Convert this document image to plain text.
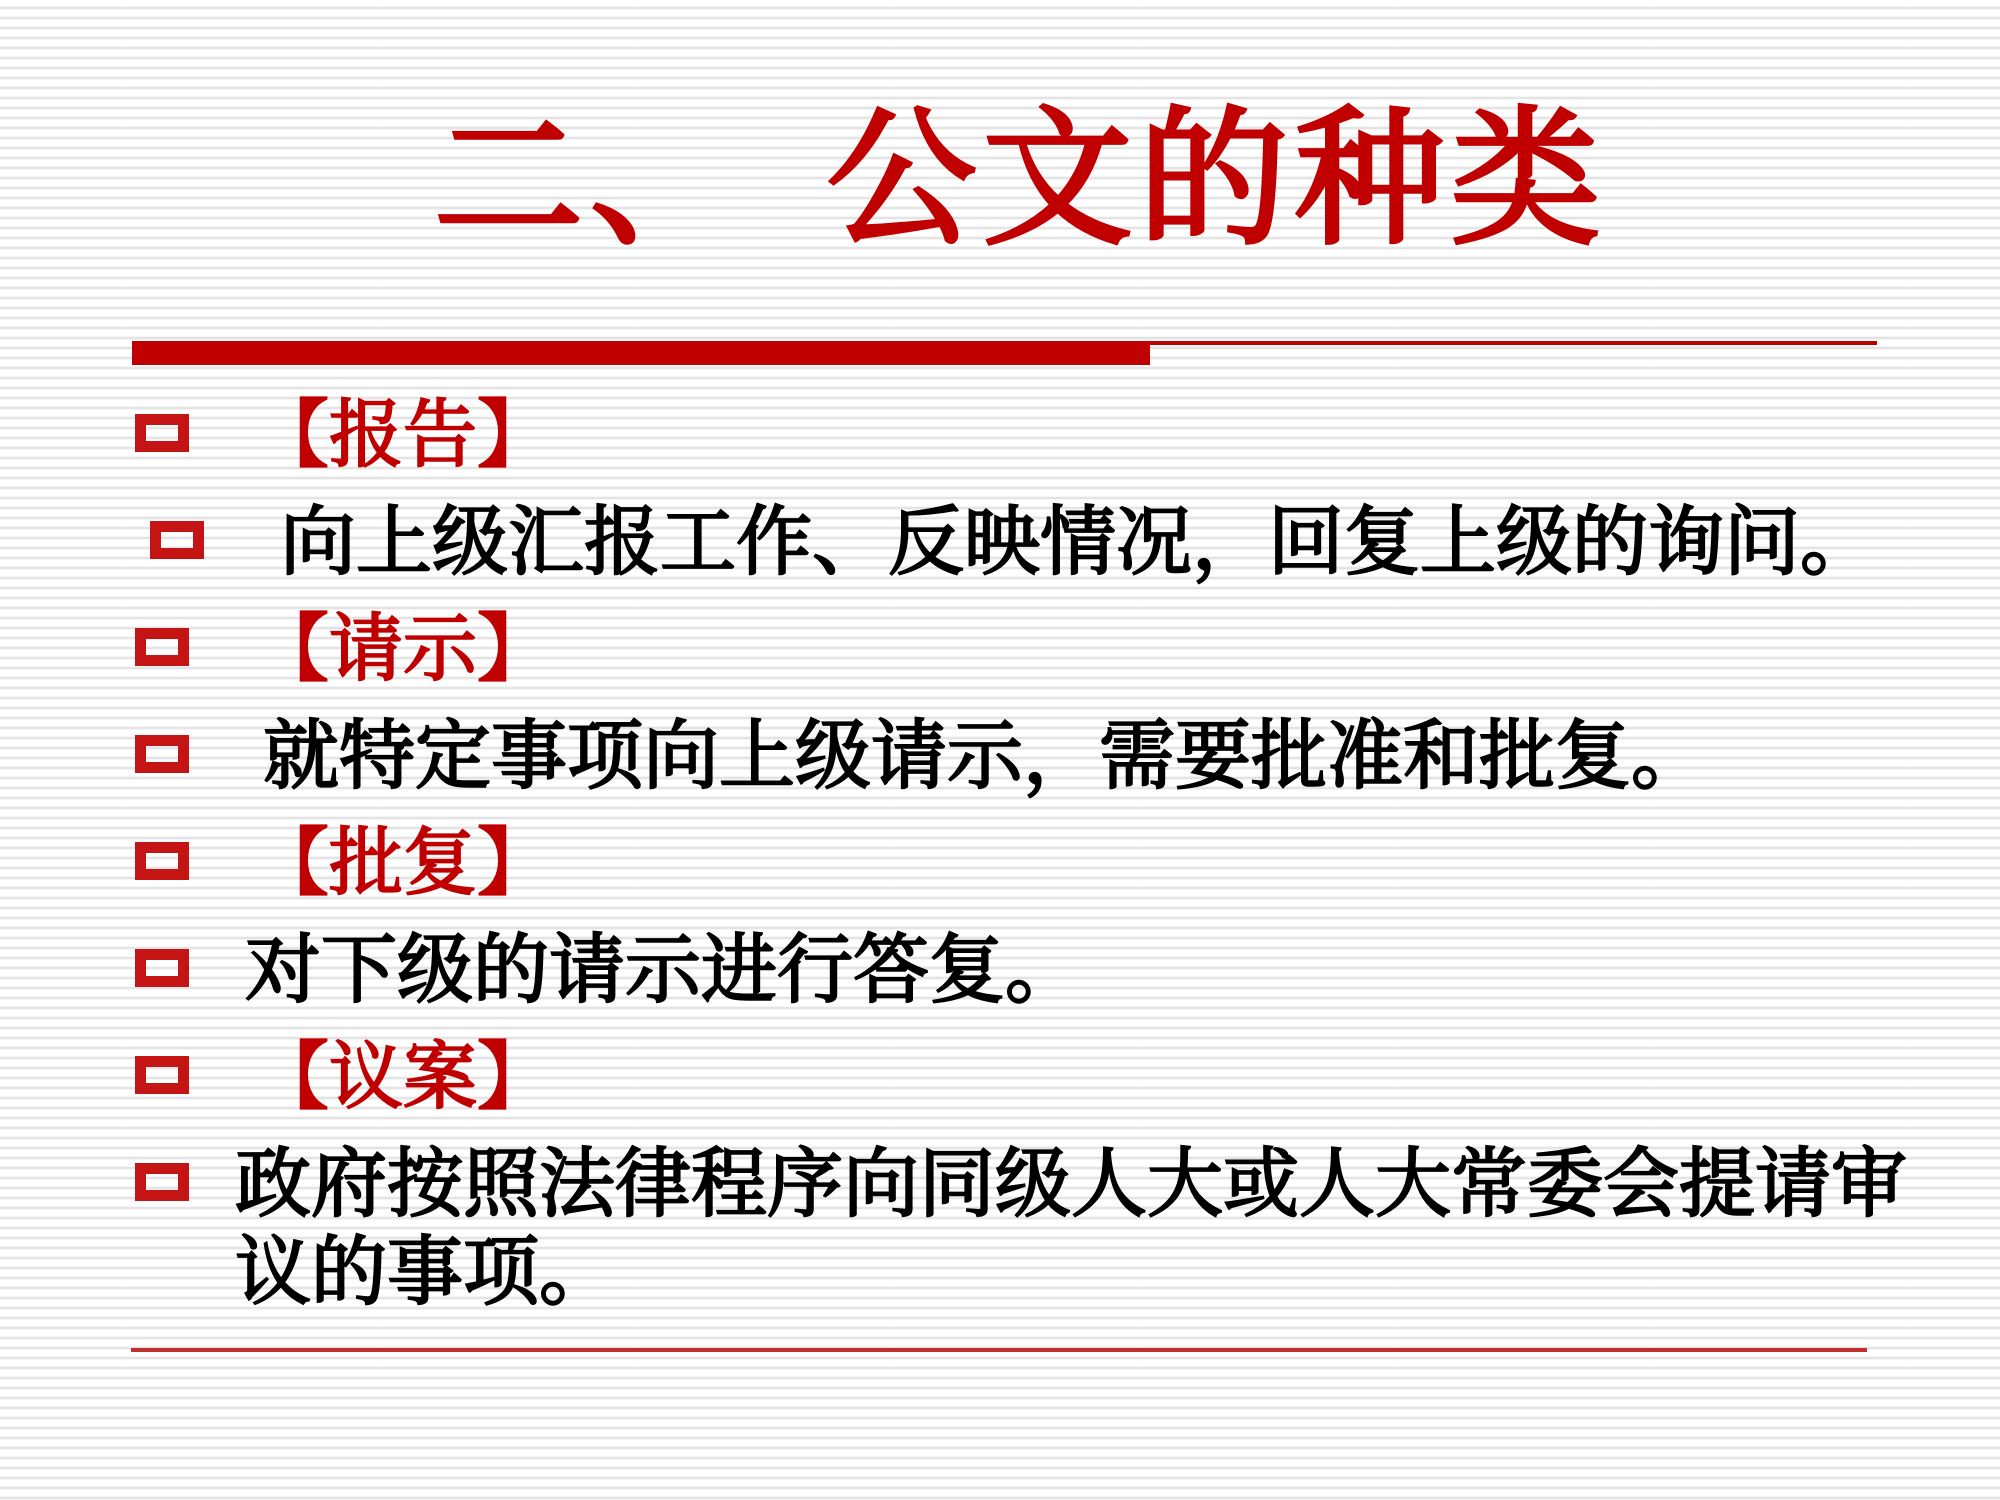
二、　公文的种类
【报告】
向上级汇报工作、反映情况，回复上级的询问。
【请示】
就特定事项向上级请示，需要批准和批复。
【批复】
对下级的请示进行答复。
【议案】
政府按照法律程序向同级人大或人大常委会提请审议的事项。
